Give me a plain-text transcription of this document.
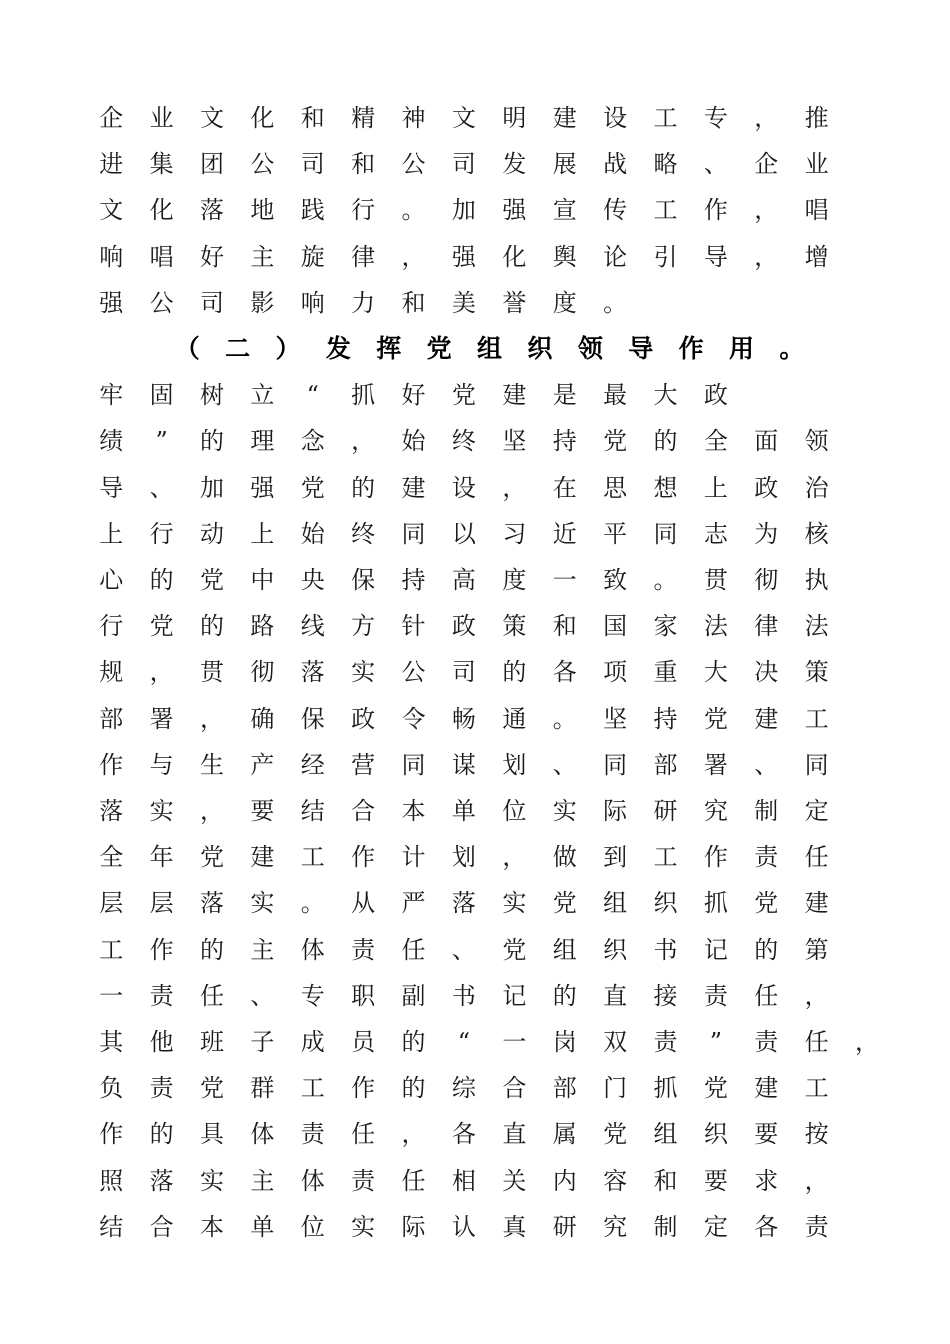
企	业	文	化	和	精	神	文	明	建	设	工	专	，	推
进	集	团	公	司	和	公	司	发	展	战	略	、	企	业
文	化	落	地	践	行	。	加	强	宣	传	工	作	，	唱
响	唱	好	主	旋	律	，	强	化	舆	论	引	导	，	增
强	公	司	影	响	力	和	美	誉	度	。
（	二	）	发	挥	党	组	织	领	导	作	用	。
牢	固	树	立	“	抓	好	党	建	是	最	大	政
绩	”	的	理	念	，	始	终	坚	持	党	的	全	面	领
导	、	加	强	党	的	建	设	，	在	思	想	上	政	治
上	行	动	上	始	终	同	以	习	近	平	同	志	为	核
心	的	党	中	央	保	持	高	度	一	致	。	贯	彻	执
行	党	的	路	线	方	针	政	策	和	国	家	法	律	法
规	，	贯	彻	落	实	公	司	的	各	项	重	大	决	策
部	署	，	确	保	政	令	畅	通	。	坚	持	党	建	工
作	与	生	产	经	营	同	谋	划	、	同	部	署	、	同
落	实	，	要	结	合	本	单	位	实	际	研	究	制	定
全	年	党	建	工	作	计	划	，	做	到	工	作	责	任
层	层	落	实	。	从	严	落	实	党	组	织	抓	党	建
工	作	的	主	体	责	任	、	党	组	织	书	记	的	第
一	责	任	、	专	职	副	书	记	的	直	接	责	任	，
其	他	班	子	成	员	的	“	一	岗	双	责	”	责	任	，
负	责	党	群	工	作	的	综	合	部	门	抓	党	建	工
作	的	具	体	责	任	，	各	直	属	党	组	织	要	按
照	落	实	主	体	责	任	相	关	内	容	和	要	求	，
结	合	本	单	位	实	际	认	真	研	究	制	定	各	责
